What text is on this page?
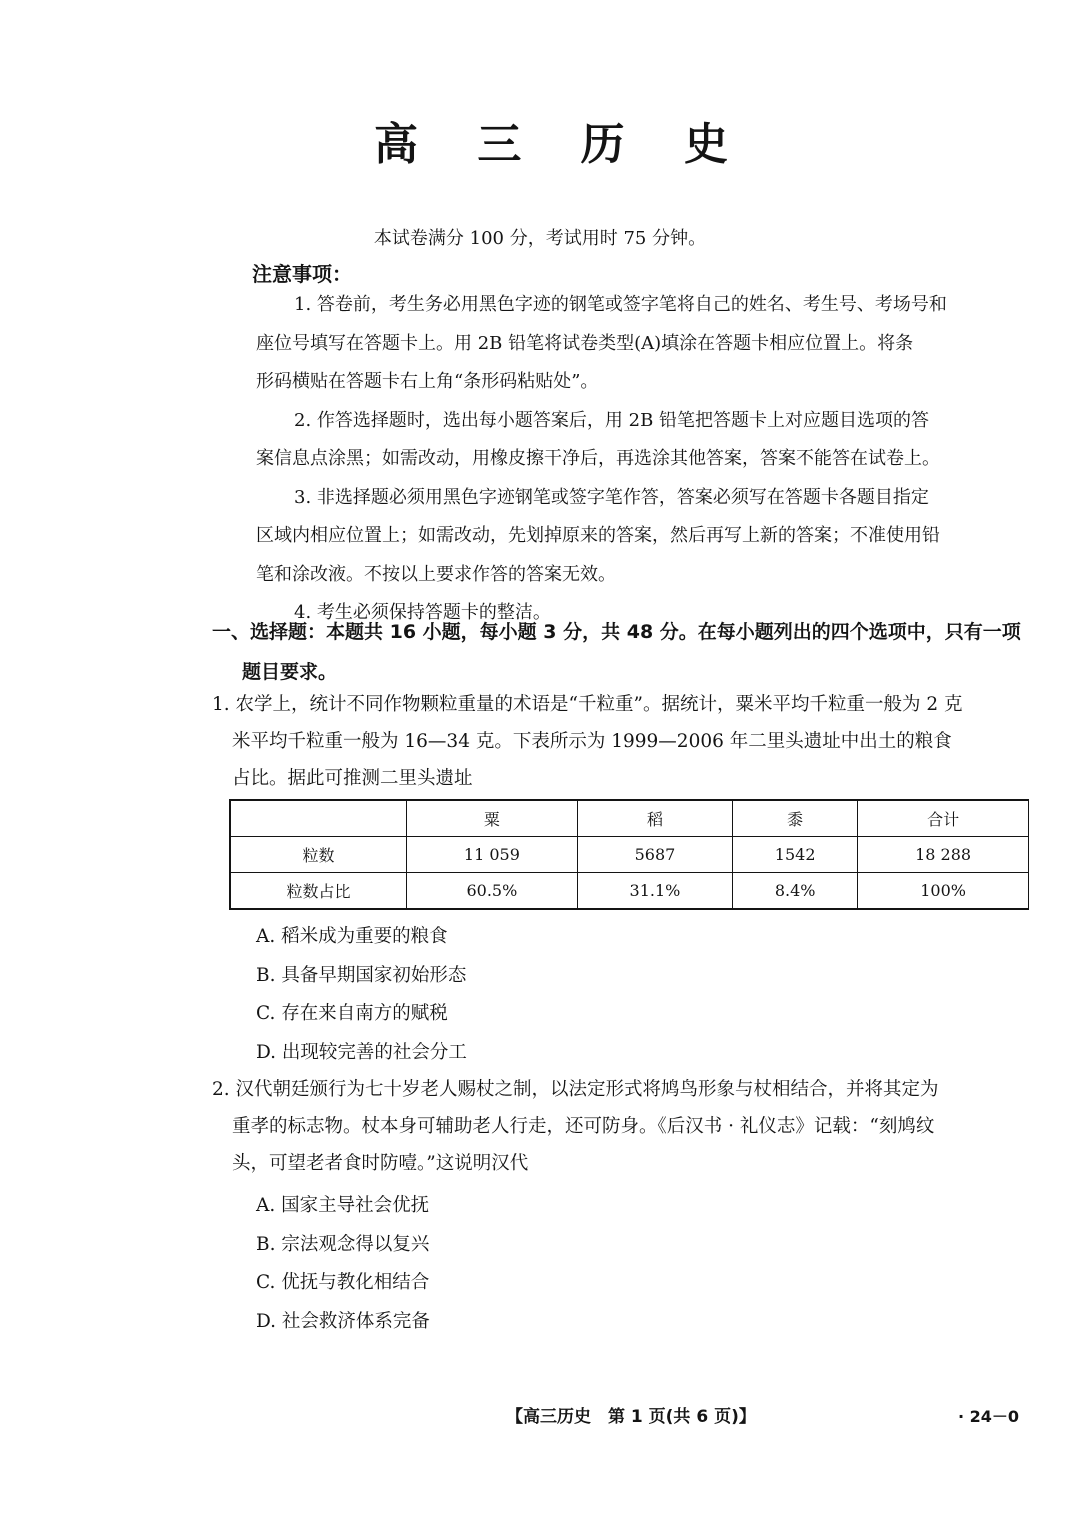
高 三 历 史
本试卷满分 100 分，考试用时 75 分钟。
注意事项：

1. 答卷前，考生务必用黑色字迹的钢笔或签字笔将自己的姓名、考生号、考场号和

座位号填写在答题卡上。用 2B 铅笔将试卷类型(A)填涂在答题卡相应位置上。将条

形码横贴在答题卡右上角“条形码粘贴处”。

2. 作答选择题时，选出每小题答案后，用 2B 铅笔把答题卡上对应题目选项的答

案信息点涂黑；如需改动，用橡皮擦干净后，再选涂其他答案，答案不能答在试卷上。

3. 非选择题必须用黑色字迹钢笔或签字笔作答，答案必须写在答题卡各题目指定

区域内相应位置上；如需改动，先划掉原来的答案，然后再写上新的答案；不准使用铅

笔和涂改液。不按以上要求作答的答案无效。

4. 考生必须保持答题卡的整洁。

一、选择题：本题共 16 小题，每小题 3 分，共 48 分。在每小题列出的四个选项中，只有一项
题目要求。

1. 农学上，统计不同作物颗粒重量的术语是“千粒重”。据统计，粟米平均千粒重一般为 2 克

米平均千粒重一般为 16—34 克。下表所示为 1999—2006 年二里头遗址中出土的粮食

占比。据此可推测二里头遗址

	粟	稻	黍	合计
粒数	11 059	5687	1542	18 288
粒数占比	60.5%	31.1%	8.4%	100%
A. 稻米成为重要的粮食
B. 具备早期国家初始形态
C. 存在来自南方的赋税
D. 出现较完善的社会分工

2. 汉代朝廷颁行为七十岁老人赐杖之制，以法定形式将鸠鸟形象与杖相结合，并将其定为

重孝的标志物。杖本身可辅助老人行走，还可防身。《后汉书 · 礼仪志》记载：“刻鸠纹

头，可望老者食时防噎。”这说明汉代

A. 国家主导社会优抚
B. 宗法观念得以复兴
C. 优抚与教化相结合
D. 社会救济体系完备
【高三历史　第 1 页(共 6 页)】	· 24－0
